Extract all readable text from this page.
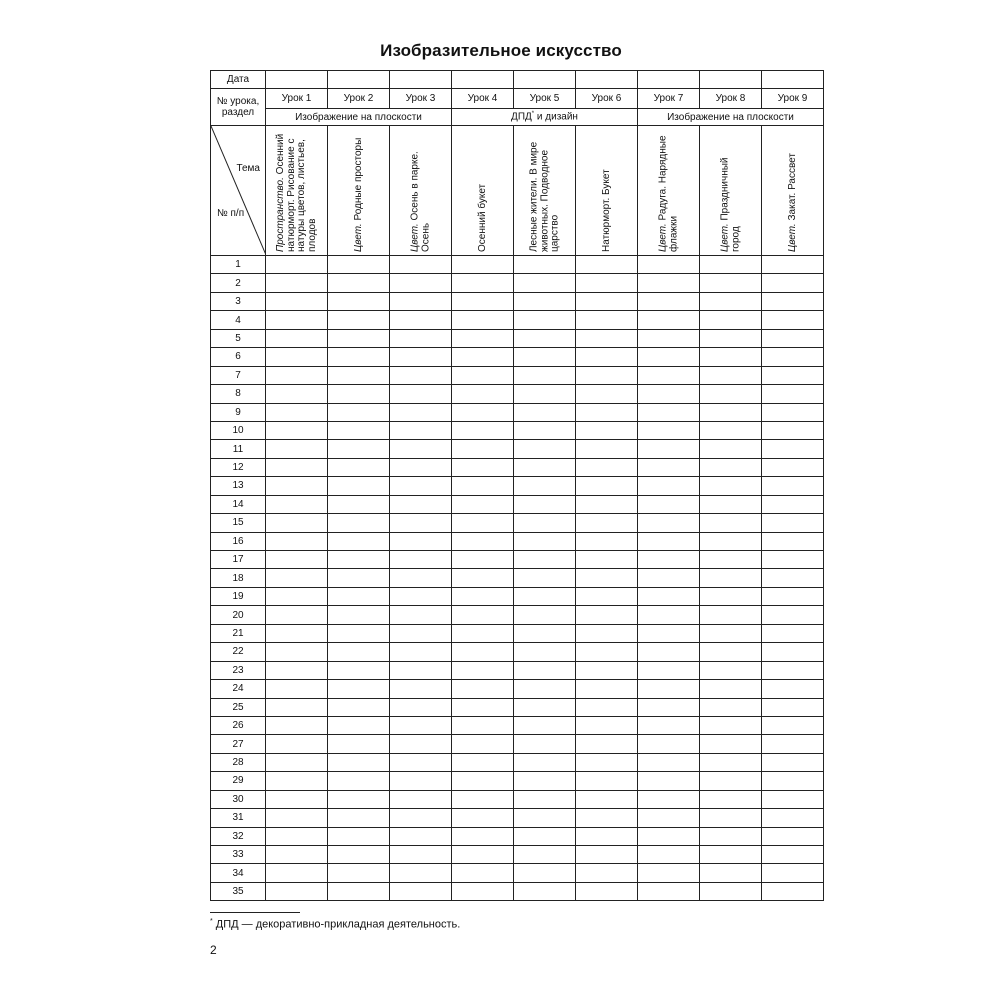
Изобразительное искусство
Дата									
№ урока, раздел	Урок 1	Урок 2	Урок 3	Урок 4	Урок 5	Урок 6	Урок 7	Урок 8	Урок 9
	Изображение на плоскости			ДПД* и дизайн			Изображение на плоскости		

Тема
№ п/п	Пространство. Осенний натюрморт. Рисование с натуры цветов, листьев, плодов	Цвет. Родные просторы	Цвет. Осень в парке. Осень	Осенний букет	Лесные жители. В мире животных. Подводное царство	Натюрморт. Букет	Цвет. Радуга. Нарядные флажки	Цвет. Праздничный город	Цвет. Закат. Рассвет

1									
2									
3									
4									
5									
6									
7									
8									
9									
10									
11									
12									
13									
14									
15									
16									
17									
18									
19									
20									
21									
22									
23									
24									
25									
26									
27									
28									
29									
30									
31									
32									
33									
34									
35									
* ДПД — декоративно-прикладная деятельность.
2
